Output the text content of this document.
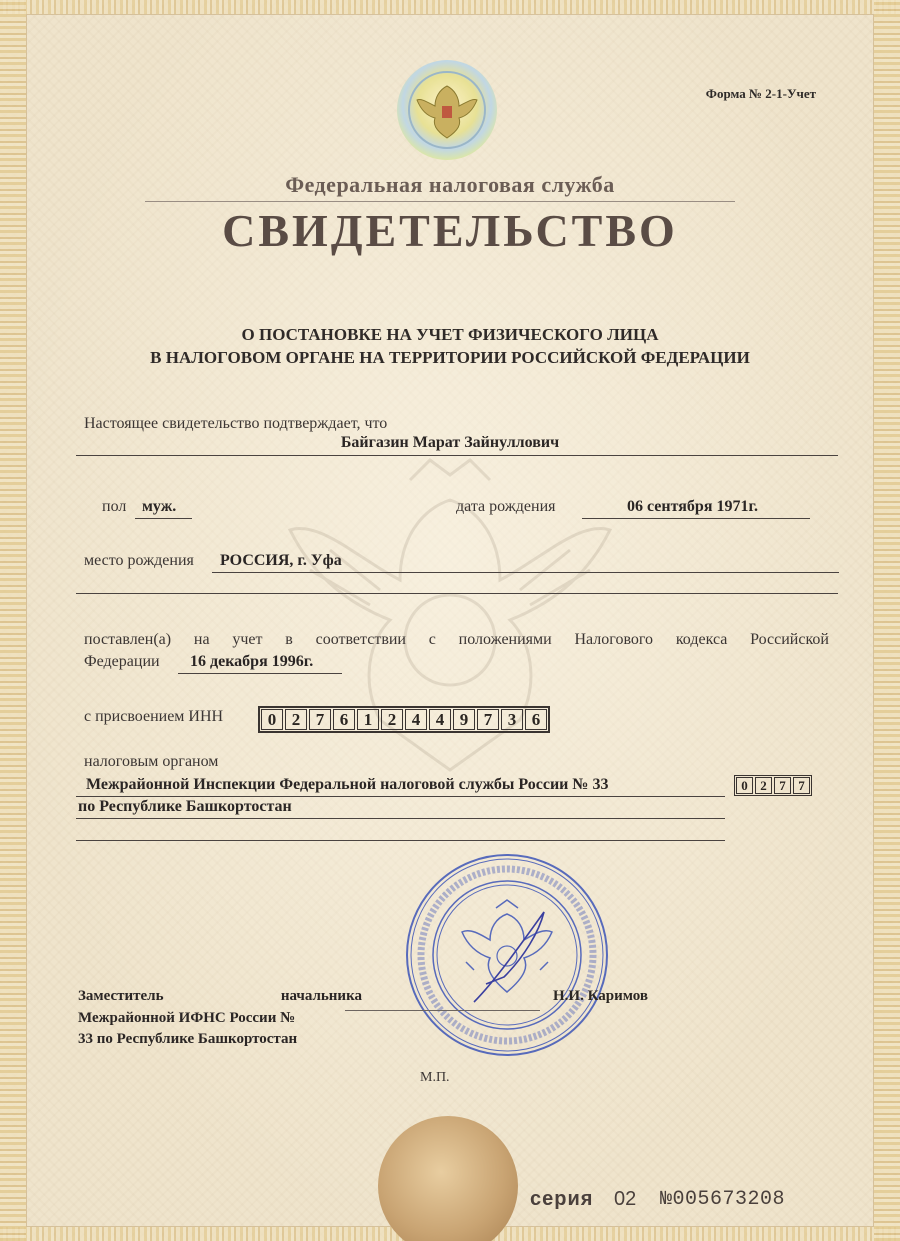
Форма № 2-1-Учет
Федеральная налоговая служба
СВИДЕТЕЛЬСТВО
О ПОСТАНОВКЕ НА УЧЕТ ФИЗИЧЕСКОГО ЛИЦА
В НАЛОГОВОМ ОРГАНЕ НА ТЕРРИТОРИИ РОССИЙСКОЙ ФЕДЕРАЦИИ
Настоящее свидетельство подтверждает, что
Байгазин Марат Зайнуллович
пол муж.	дата рождения	06 сентября 1971г.
место рождения РОССИЯ, г. Уфа
поставлен(а) на учет в соответствии с положениями Налогового кодекса Российской
Федерации 16 декабря 1996г.
с присвоением ИНН	0 2 7 6 1 2 4 4 9 7 3 6
налоговым органом
Межрайонной Инспекции Федеральной налоговой службы России № 33
по Республике Башкортостан
0 2 7 7
Заместитель	начальника
Межрайонной ИФНС России №
33 по Республике Башкортостан
Н.И. Каримов
М.П.
серия 02 №005673208
